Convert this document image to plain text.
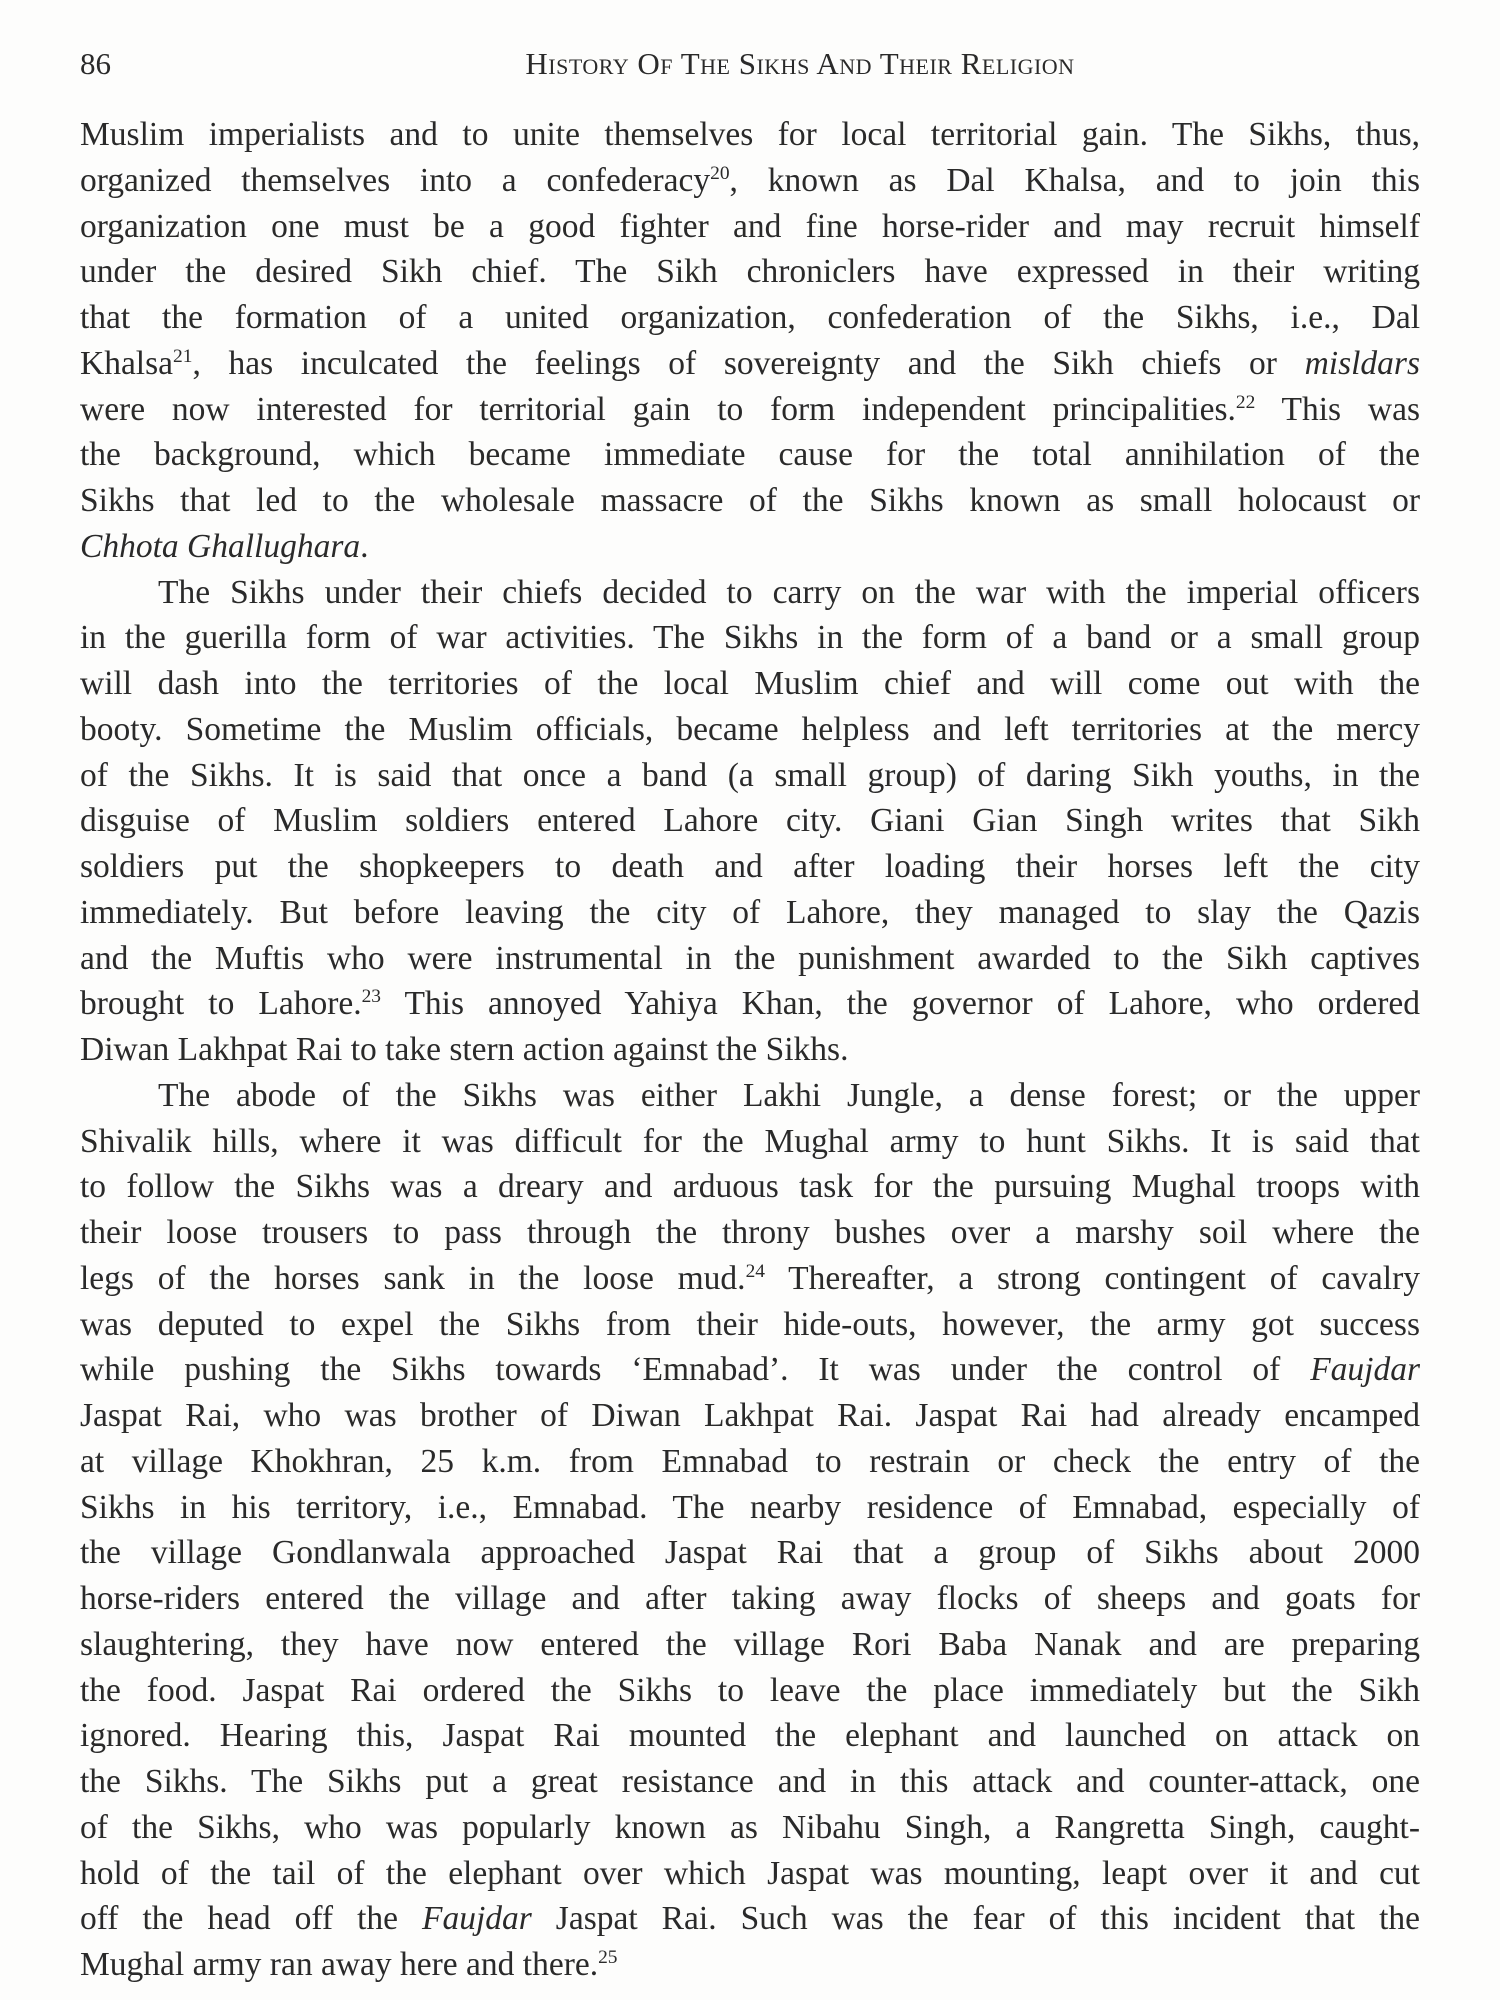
86	History Of The Sikhs And Their Religion
Muslim imperialists and to unite themselves for local territorial gain. The Sikhs, thus,
organized themselves into a confederacy$^{20}$, known as Dal Khalsa, and to join this
organization one must be a good fighter and fine horse-rider and may recruit himself
under the desired Sikh chief. The Sikh chroniclers have expressed in their writing
that the formation of a united organization, confederation of the Sikhs, i.e., Dal
Khalsa$^{21}$, has inculcated the feelings of sovereignty and the Sikh chiefs or misldars
were now interested for territorial gain to form independent principalities.$^{22}$ This was
the background, which became immediate cause for the total annihilation of the
Sikhs that led to the wholesale massacre of the Sikhs known as small holocaust or
Chhota Ghallughara.
The Sikhs under their chiefs decided to carry on the war with the imperial officers
in the guerilla form of war activities. The Sikhs in the form of a band or a small group
will dash into the territories of the local Muslim chief and will come out with the
booty. Sometime the Muslim officials, became helpless and left territories at the mercy
of the Sikhs. It is said that once a band (a small group) of daring Sikh youths, in the
disguise of Muslim soldiers entered Lahore city. Giani Gian Singh writes that Sikh
soldiers put the shopkeepers to death and after loading their horses left the city
immediately. But before leaving the city of Lahore, they managed to slay the Qazis
and the Muftis who were instrumental in the punishment awarded to the Sikh captives
brought to Lahore.$^{23}$ This annoyed Yahiya Khan, the governor of Lahore, who ordered
Diwan Lakhpat Rai to take stern action against the Sikhs.
The abode of the Sikhs was either Lakhi Jungle, a dense forest; or the upper
Shivalik hills, where it was difficult for the Mughal army to hunt Sikhs. It is said that
to follow the Sikhs was a dreary and arduous task for the pursuing Mughal troops with
their loose trousers to pass through the throny bushes over a marshy soil where the
legs of the horses sank in the loose mud.$^{24}$ Thereafter, a strong contingent of cavalry
was deputed to expel the Sikhs from their hide-outs, however, the army got success
while pushing the Sikhs towards ‘Emnabad’. It was under the control of Faujdar
Jaspat Rai, who was brother of Diwan Lakhpat Rai. Jaspat Rai had already encamped
at village Khokhran, 25 k.m. from Emnabad to restrain or check the entry of the
Sikhs in his territory, i.e., Emnabad. The nearby residence of Emnabad, especially of
the village Gondlanwala approached Jaspat Rai that a group of Sikhs about 2000
horse-riders entered the village and after taking away flocks of sheeps and goats for
slaughtering, they have now entered the village Rori Baba Nanak and are preparing
the food. Jaspat Rai ordered the Sikhs to leave the place immediately but the Sikh
ignored. Hearing this, Jaspat Rai mounted the elephant and launched on attack on
the Sikhs. The Sikhs put a great resistance and in this attack and counter-attack, one
of the Sikhs, who was popularly known as Nibahu Singh, a Rangretta Singh, caught-
hold of the tail of the elephant over which Jaspat was mounting, leapt over it and cut
off the head off the Faujdar Jaspat Rai. Such was the fear of this incident that the
Mughal army ran away here and there.$^{25}$
